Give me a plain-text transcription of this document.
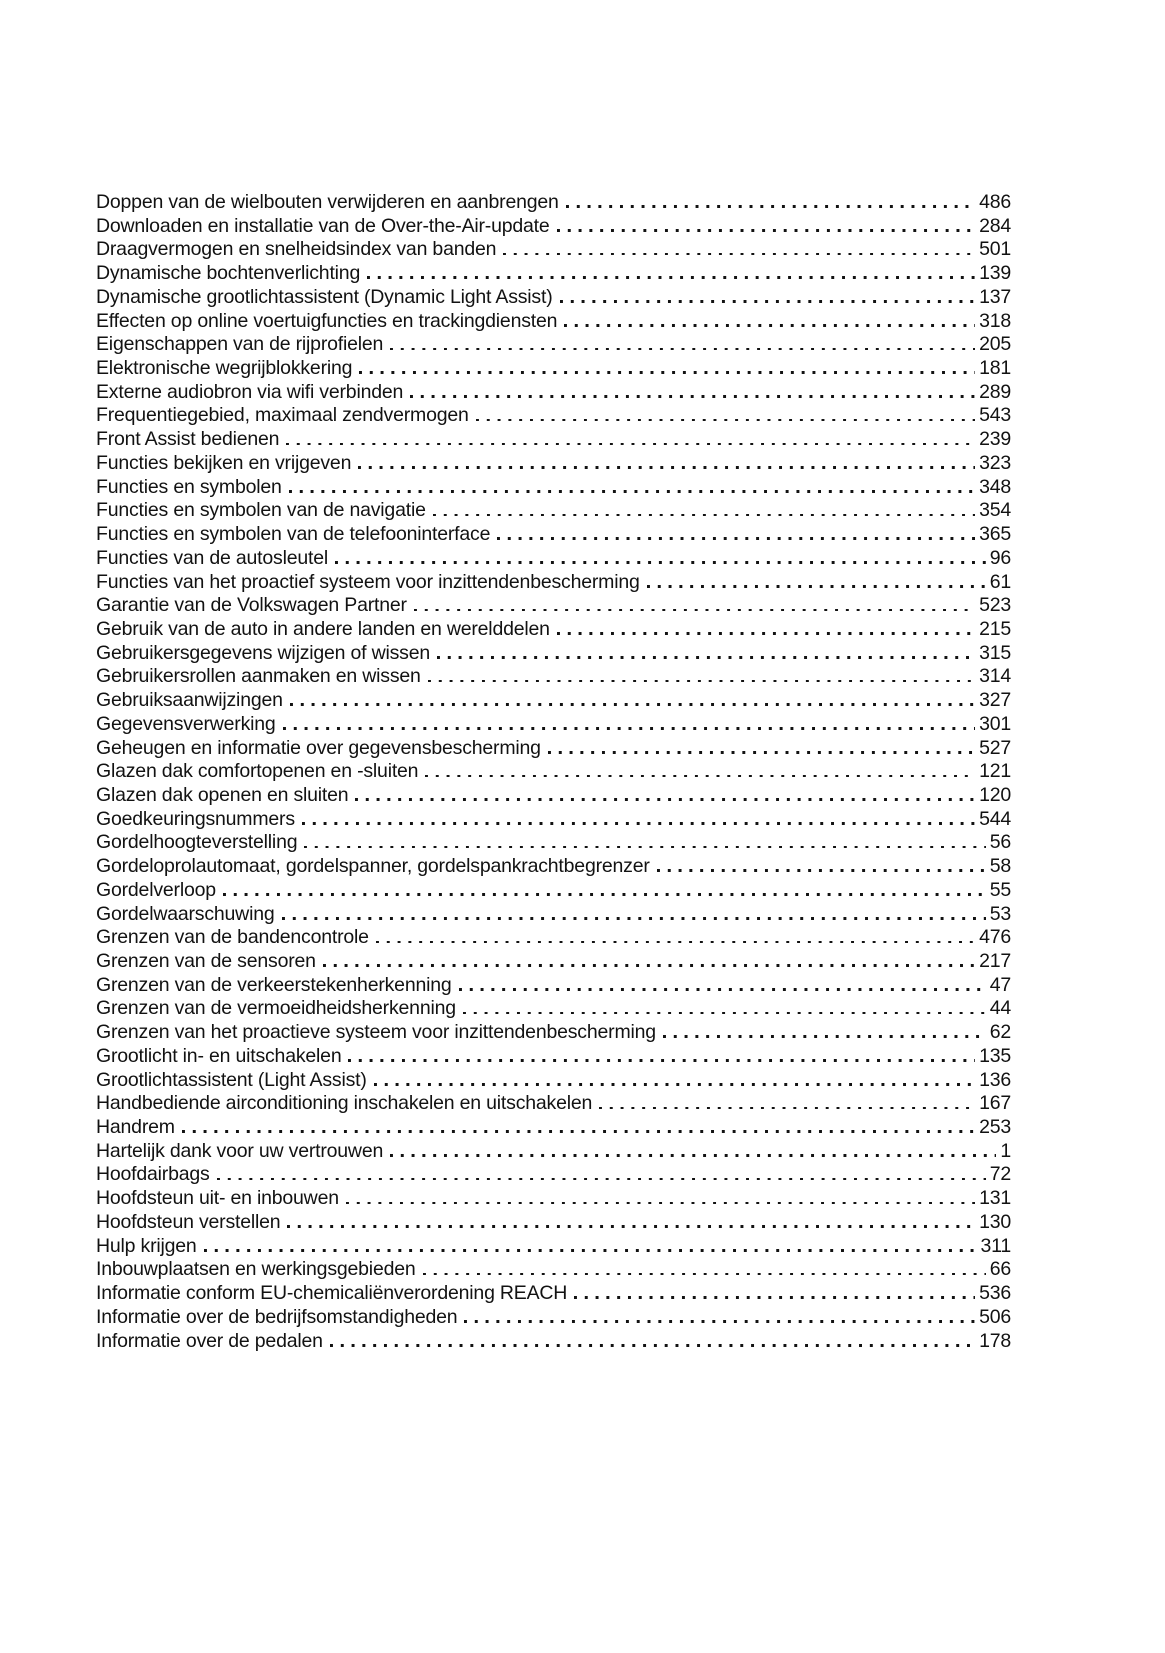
Doppen van de wielbouten verwijderen en aanbrengen	486
Downloaden en installatie van de Over-the-Air-update	284
Draagvermogen en snelheidsindex van banden	501
Dynamische bochtenverlichting	139
Dynamische grootlichtassistent (Dynamic Light Assist)	137
Effecten op online voertuigfuncties en trackingdiensten	318
Eigenschappen van de rijprofielen	205
Elektronische wegrijblokkering	181
Externe audiobron via wifi verbinden	289
Frequentiegebied, maximaal zendvermogen	543
Front Assist bedienen	239
Functies bekijken en vrijgeven	323
Functies en symbolen	348
Functies en symbolen van de navigatie	354
Functies en symbolen van de telefooninterface	365
Functies van de autosleutel	96
Functies van het proactief systeem voor inzittendenbescherming	61
Garantie van de Volkswagen Partner	523
Gebruik van de auto in andere landen en werelddelen	215
Gebruikersgegevens wijzigen of wissen	315
Gebruikersrollen aanmaken en wissen	314
Gebruiksaanwijzingen	327
Gegevensverwerking	301
Geheugen en informatie over gegevensbescherming	527
Glazen dak comfortopenen en -sluiten	121
Glazen dak openen en sluiten	120
Goedkeuringsnummers	544
Gordelhoogteverstelling	56
Gordeloprolautomaat, gordelspanner, gordelspankrachtbegrenzer	58
Gordelverloop	55
Gordelwaarschuwing	53
Grenzen van de bandencontrole	476
Grenzen van de sensoren	217
Grenzen van de verkeerstekenherkenning	47
Grenzen van de vermoeidheidsherkenning	44
Grenzen van het proactieve systeem voor inzittendenbescherming	62
Grootlicht in- en uitschakelen	135
Grootlichtassistent (Light Assist)	136
Handbediende airconditioning inschakelen en uitschakelen	167
Handrem	253
Hartelijk dank voor uw vertrouwen	1
Hoofdairbags	72
Hoofdsteun uit- en inbouwen	131
Hoofdsteun verstellen	130
Hulp krijgen	311
Inbouwplaatsen en werkingsgebieden	66
Informatie conform EU-chemicaliënverordening REACH	536
Informatie over de bedrijfsomstandigheden	506
Informatie over de pedalen	178
